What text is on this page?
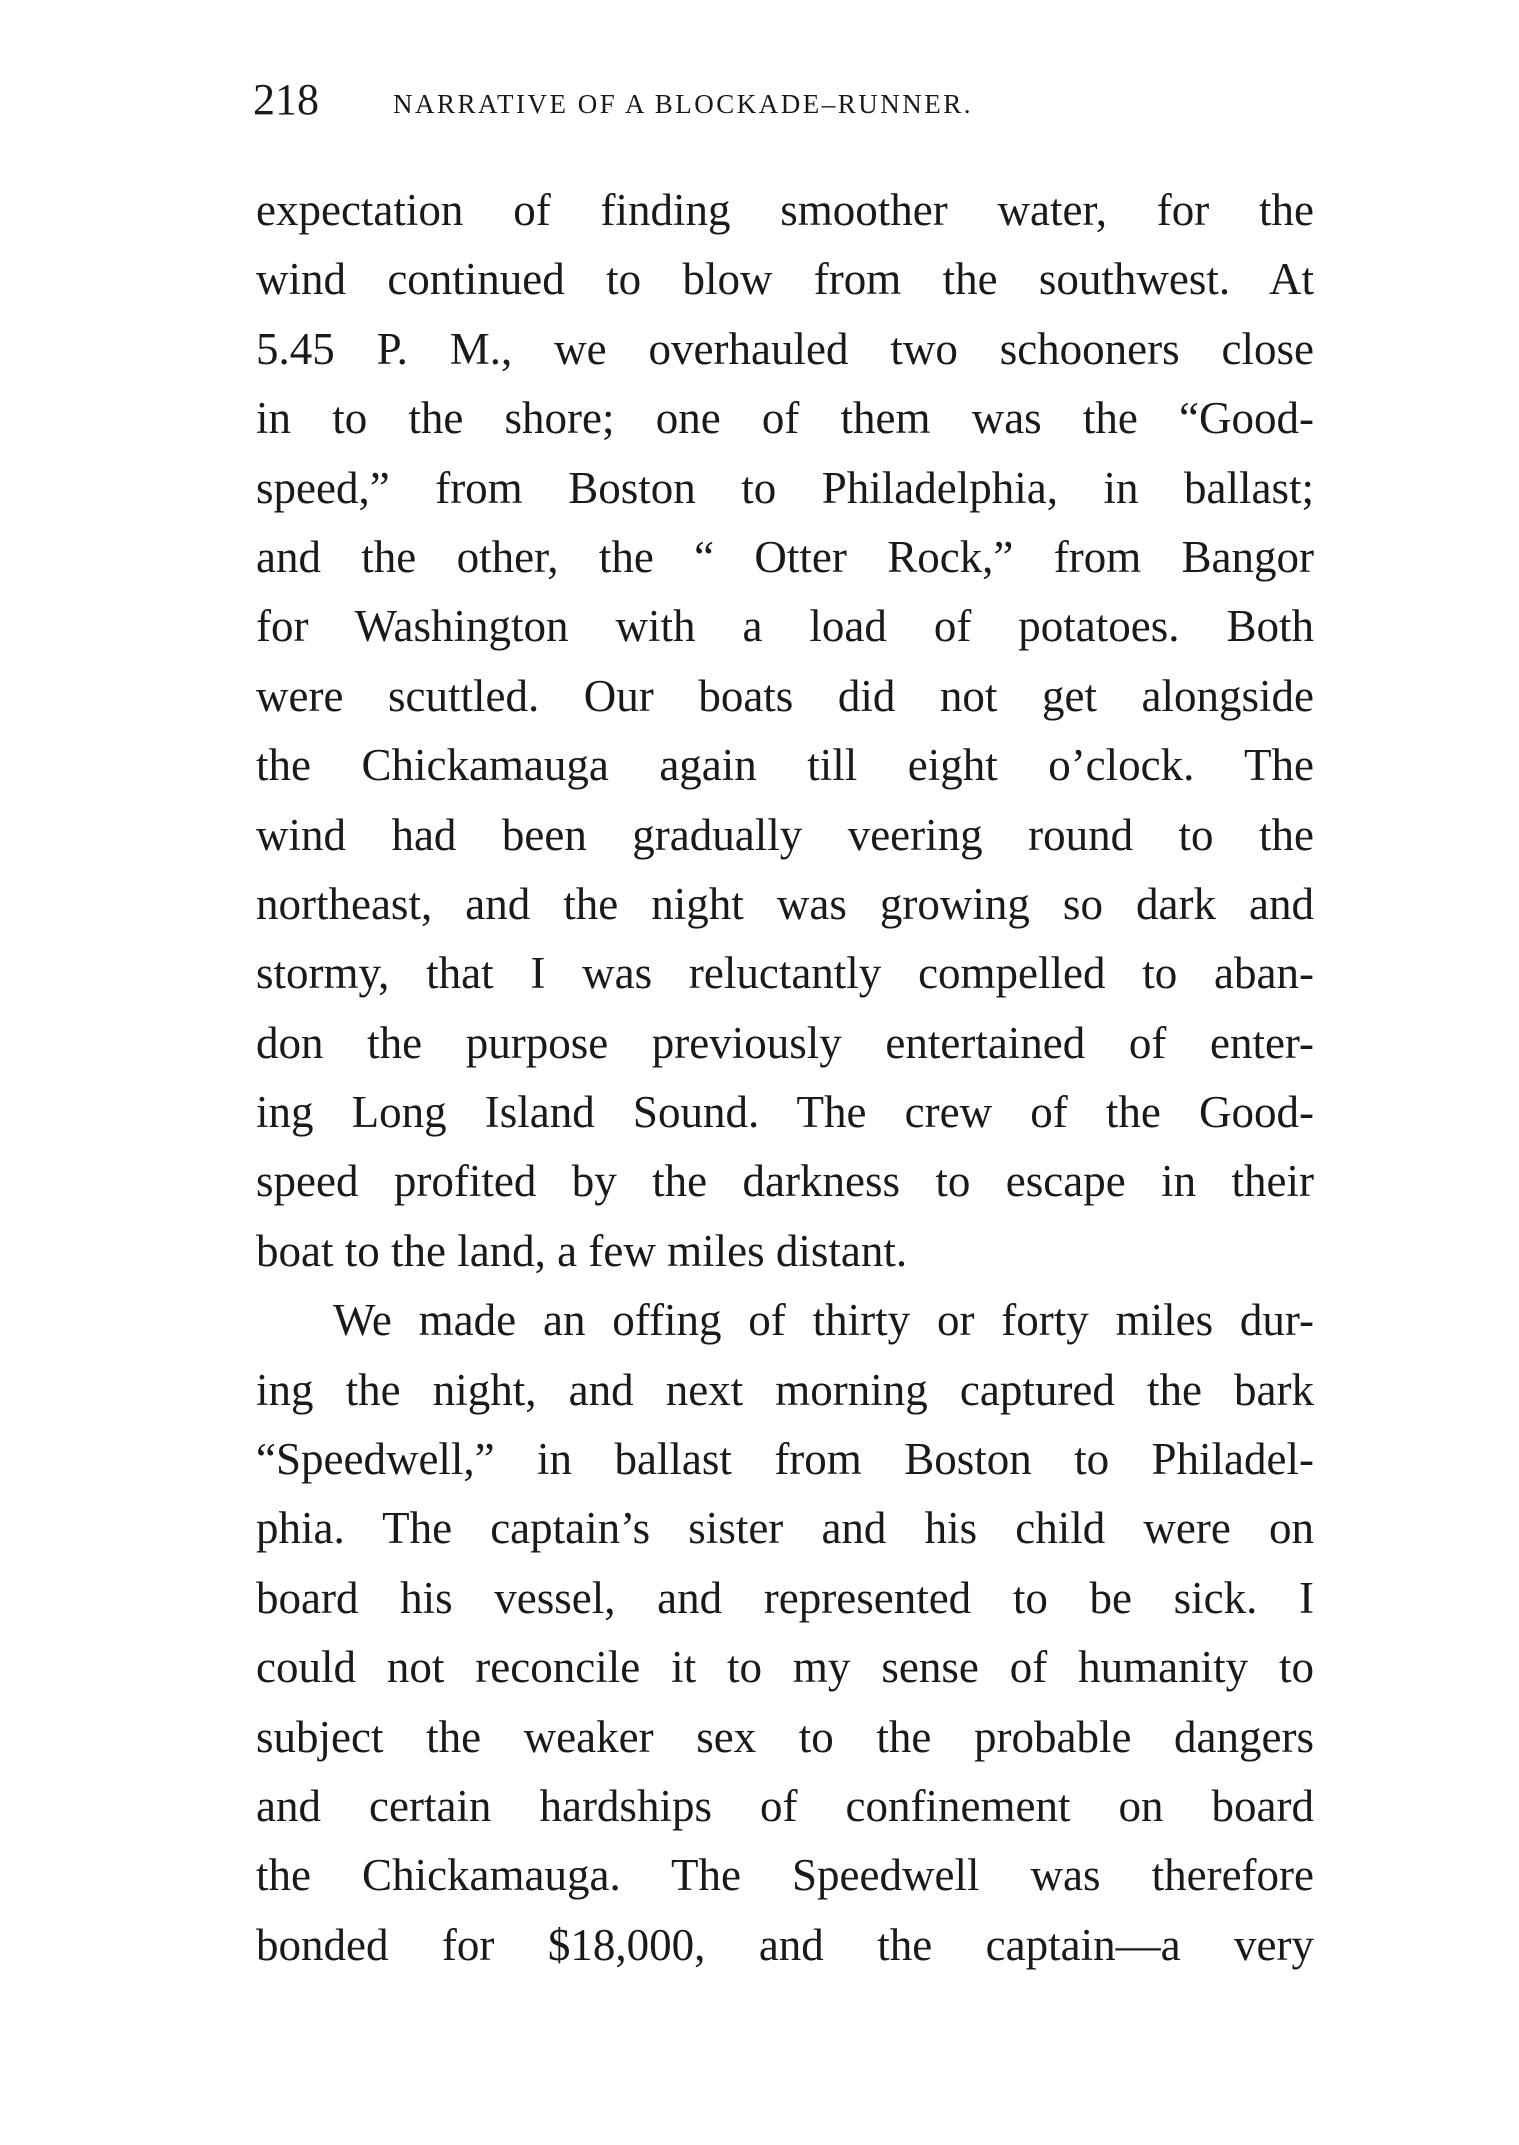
218	NARRATIVE OF A BLOCKADE–RUNNER.
expectation of finding smoother water, for the
wind continued to blow from the southwest. At
5.45 P. M., we overhauled two schooners close
in to the shore; one of them was the “Good-
speed,” from Boston to Philadelphia, in ballast;
and the other, the “ Otter Rock,” from Bangor
for Washington with a load of potatoes. Both
were scuttled. Our boats did not get alongside
the Chickamauga again till eight o’clock. The
wind had been gradually veering round to the
northeast, and the night was growing so dark and
stormy, that I was reluctantly compelled to aban-
don the purpose previously entertained of enter-
ing Long Island Sound. The crew of the Good-
speed profited by the darkness to escape in their
boat to the land, a few miles distant.
We made an offing of thirty or forty miles dur-
ing the night, and next morning captured the bark
“Speedwell,” in ballast from Boston to Philadel-
phia. The captain’s sister and his child were on
board his vessel, and represented to be sick. I
could not reconcile it to my sense of humanity to
subject the weaker sex to the probable dangers
and certain hardships of confinement on board
the Chickamauga. The Speedwell was therefore
bonded for $18,000, and the captain—a very
